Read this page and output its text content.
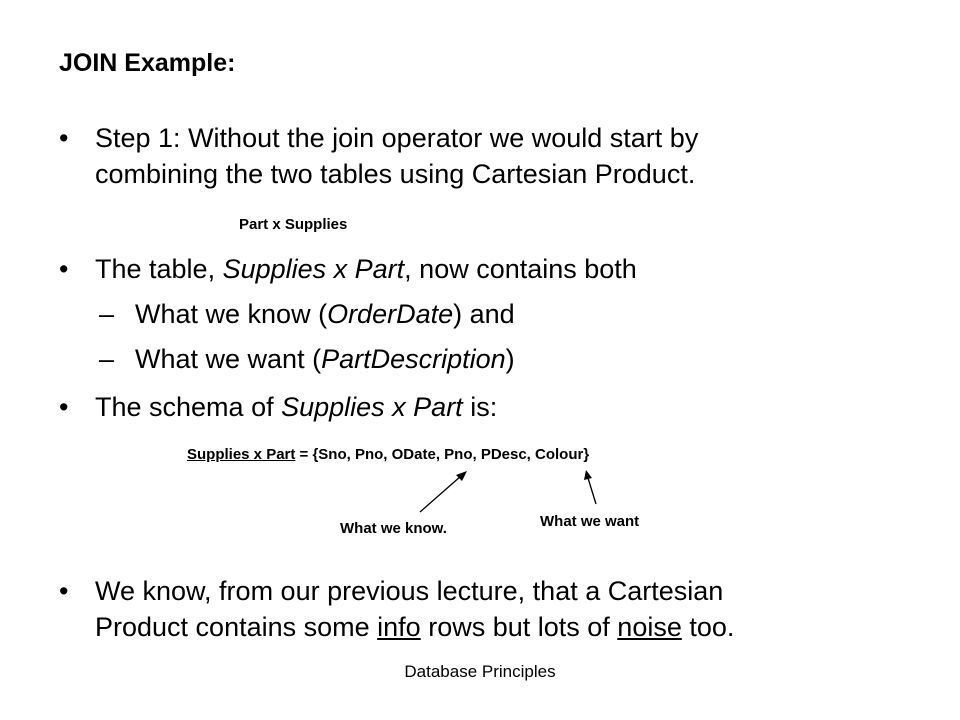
JOIN Example:
• Step 1: Without the join operator we would start by
combining the two tables using Cartesian Product.
Part x Supplies
• The table, Supplies x Part, now contains both
– What we know (OrderDate) and
– What we want (PartDescription)
• The schema of Supplies x Part is:
Supplies x Part = {Sno, Pno, ODate, Pno, PDesc, Colour}
What we know.	What we want
• We know, from our previous lecture, that a Cartesian
Product contains some info rows but lots of noise too.
Database Principles
